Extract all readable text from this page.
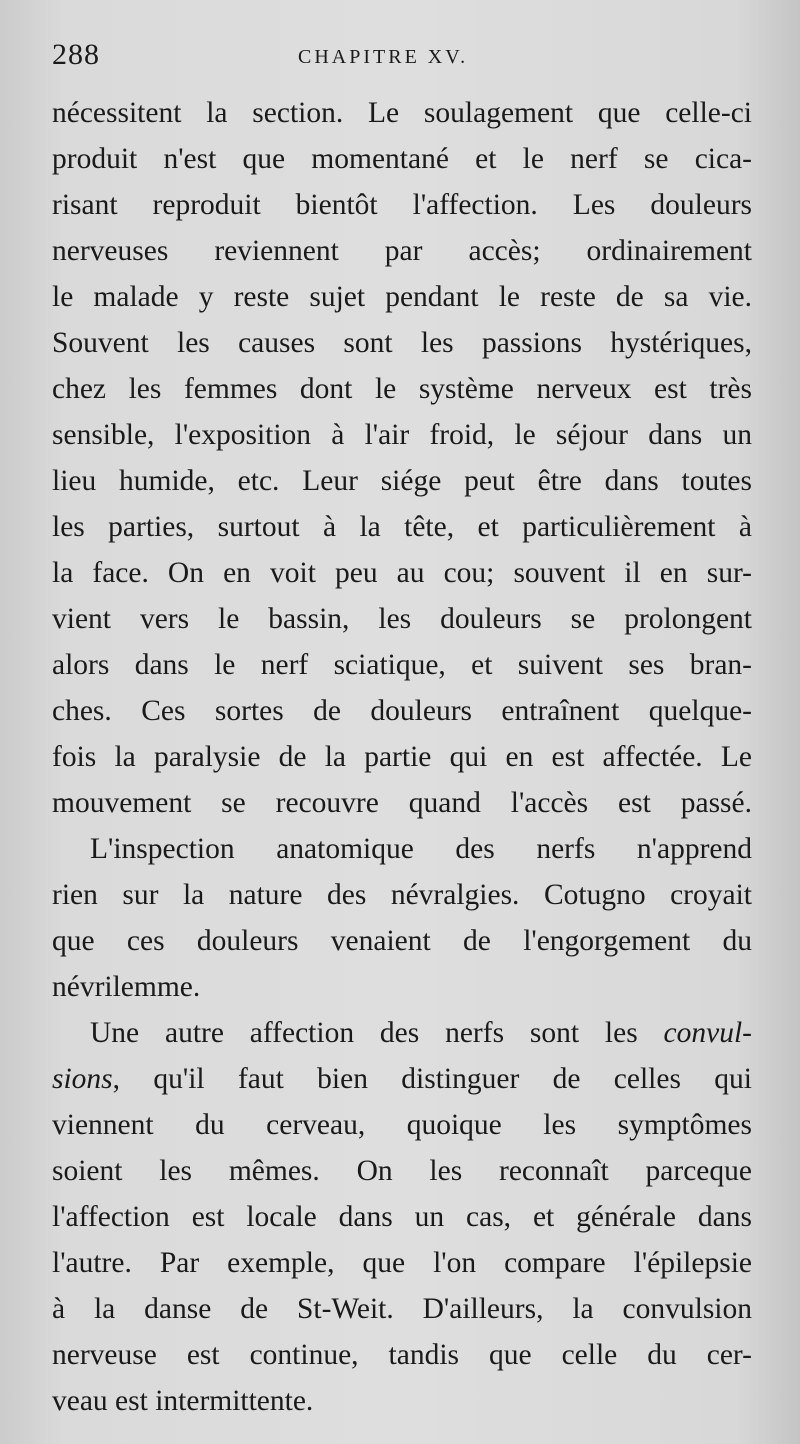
288	CHAPITRE XV.
nécessitent la section. Le soulagement que celle-ci
produit n'est que momentané et le nerf se cica-
risant reproduit bientôt l'affection. Les douleurs
nerveuses reviennent par accès; ordinairement
le malade y reste sujet pendant le reste de sa vie.
Souvent les causes sont les passions hystériques,
chez les femmes dont le système nerveux est très
sensible, l'exposition à l'air froid, le séjour dans un
lieu humide, etc. Leur siége peut être dans toutes
les parties, surtout à la tête, et particulièrement à
la face. On en voit peu au cou; souvent il en sur-
vient vers le bassin, les douleurs se prolongent
alors dans le nerf sciatique, et suivent ses bran-
ches. Ces sortes de douleurs entraînent quelque-
fois la paralysie de la partie qui en est affectée. Le
mouvement se recouvre quand l'accès est passé.
L'inspection anatomique des nerfs n'apprend
rien sur la nature des névralgies. Cotugno croyait
que ces douleurs venaient de l'engorgement du
névrilemme.
Une autre affection des nerfs sont les convul-
sions, qu'il faut bien distinguer de celles qui
viennent du cerveau, quoique les symptômes
soient les mêmes. On les reconnaît parceque
l'affection est locale dans un cas, et générale dans
l'autre. Par exemple, que l'on compare l'épilepsie
à la danse de St-Weit. D'ailleurs, la convulsion
nerveuse est continue, tandis que celle du cer-
veau est intermittente.
